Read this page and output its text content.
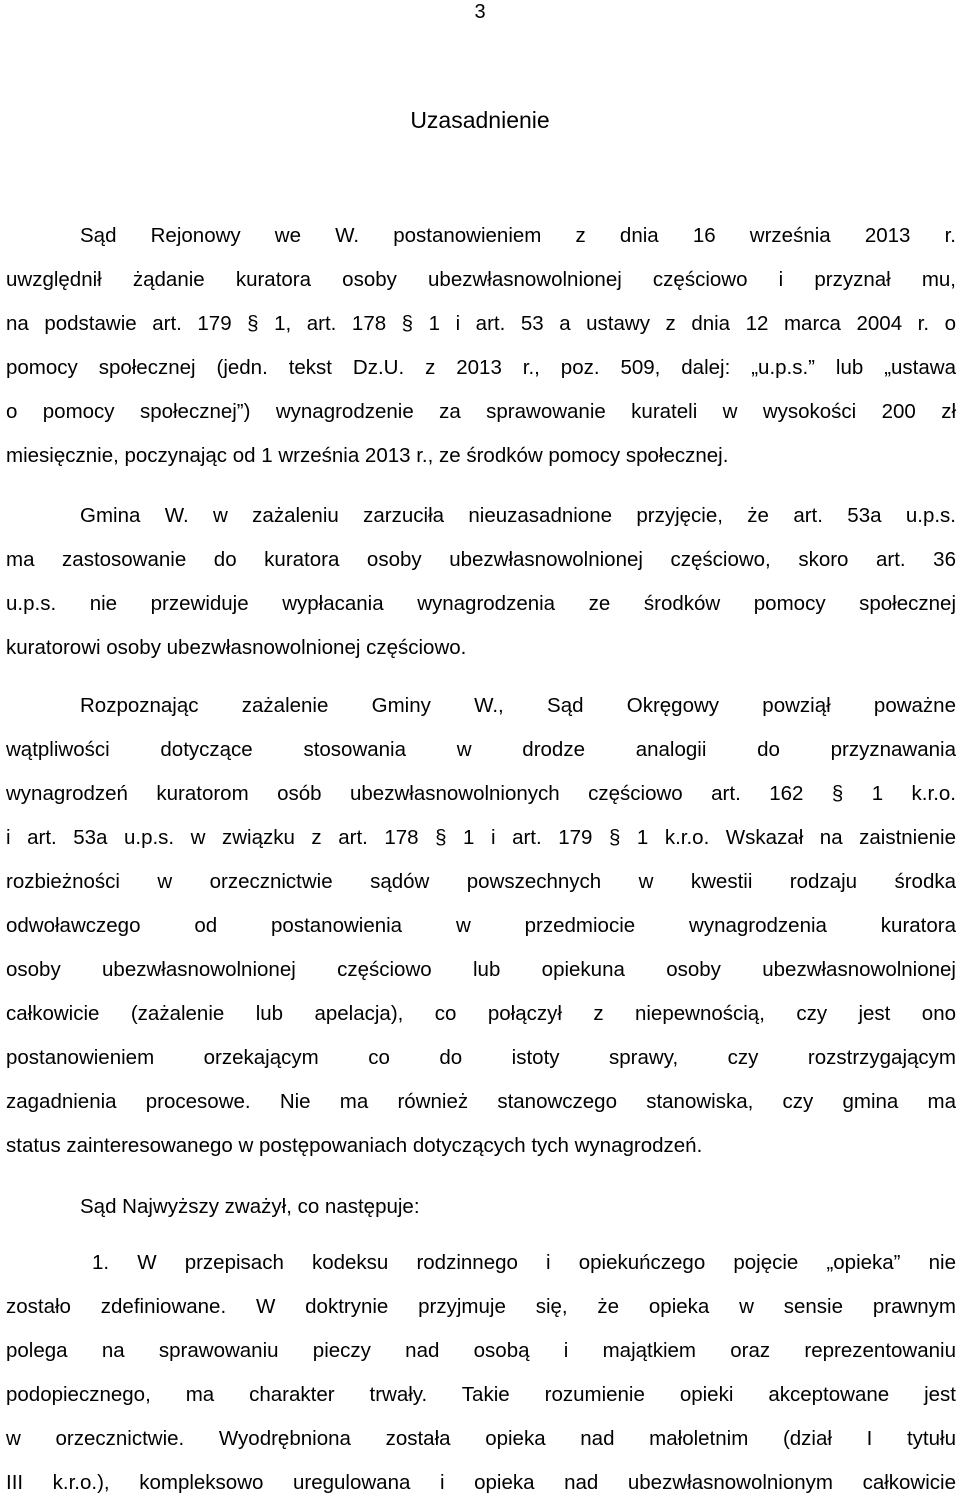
3
Uzasadnienie
Sąd Rejonowy we W. postanowieniem z dnia 16 września 2013 r.
uwzględnił żądanie kuratora osoby ubezwłasnowolnionej częściowo i przyznał mu,
na podstawie art. 179 § 1, art. 178 § 1 i art. 53 a ustawy z dnia 12 marca 2004 r. o
pomocy społecznej (jedn. tekst Dz.U. z 2013 r., poz. 509, dalej: „u.p.s.” lub „ustawa
o pomocy społecznej”) wynagrodzenie za sprawowanie kurateli w wysokości 200 zł
miesięcznie, poczynając od 1 września 2013 r., ze środków pomocy społecznej.
Gmina W. w zażaleniu zarzuciła nieuzasadnione przyjęcie, że art. 53a u.p.s.
ma zastosowanie do kuratora osoby ubezwłasnowolnionej częściowo, skoro art. 36
u.p.s. nie przewiduje wypłacania wynagrodzenia ze środków pomocy społecznej
kuratorowi osoby ubezwłasnowolnionej częściowo.
Rozpoznając zażalenie Gminy W., Sąd Okręgowy powziął poważne
wątpliwości dotyczące stosowania w drodze analogii do przyznawania
wynagrodzeń kuratorom osób ubezwłasnowolnionych częściowo art. 162 § 1 k.r.o.
i art. 53a u.p.s. w związku z art. 178 § 1 i art. 179 § 1 k.r.o. Wskazał na zaistnienie
rozbieżności w orzecznictwie sądów powszechnych w kwestii rodzaju środka
odwoławczego od postanowienia w przedmiocie wynagrodzenia kuratora
osoby ubezwłasnowolnionej częściowo lub opiekuna osoby ubezwłasnowolnionej
całkowicie (zażalenie lub apelacja), co połączył z niepewnością, czy jest ono
postanowieniem orzekającym co do istoty sprawy, czy rozstrzygającym
zagadnienia procesowe. Nie ma również stanowczego stanowiska, czy gmina ma
status zainteresowanego w postępowaniach dotyczących tych wynagrodzeń.
Sąd Najwyższy zważył, co następuje:
1. W przepisach kodeksu rodzinnego i opiekuńczego pojęcie „opieka” nie
zostało zdefiniowane. W doktrynie przyjmuje się, że opieka w sensie prawnym
polega na sprawowaniu pieczy nad osobą i majątkiem oraz reprezentowaniu
podopiecznego, ma charakter trwały. Takie rozumienie opieki akceptowane jest
w orzecznictwie. Wyodrębniona została opieka nad małoletnim (dział I tytułu
III k.r.o.), kompleksowo uregulowana i opieka nad ubezwłasnowolnionym całkowicie
